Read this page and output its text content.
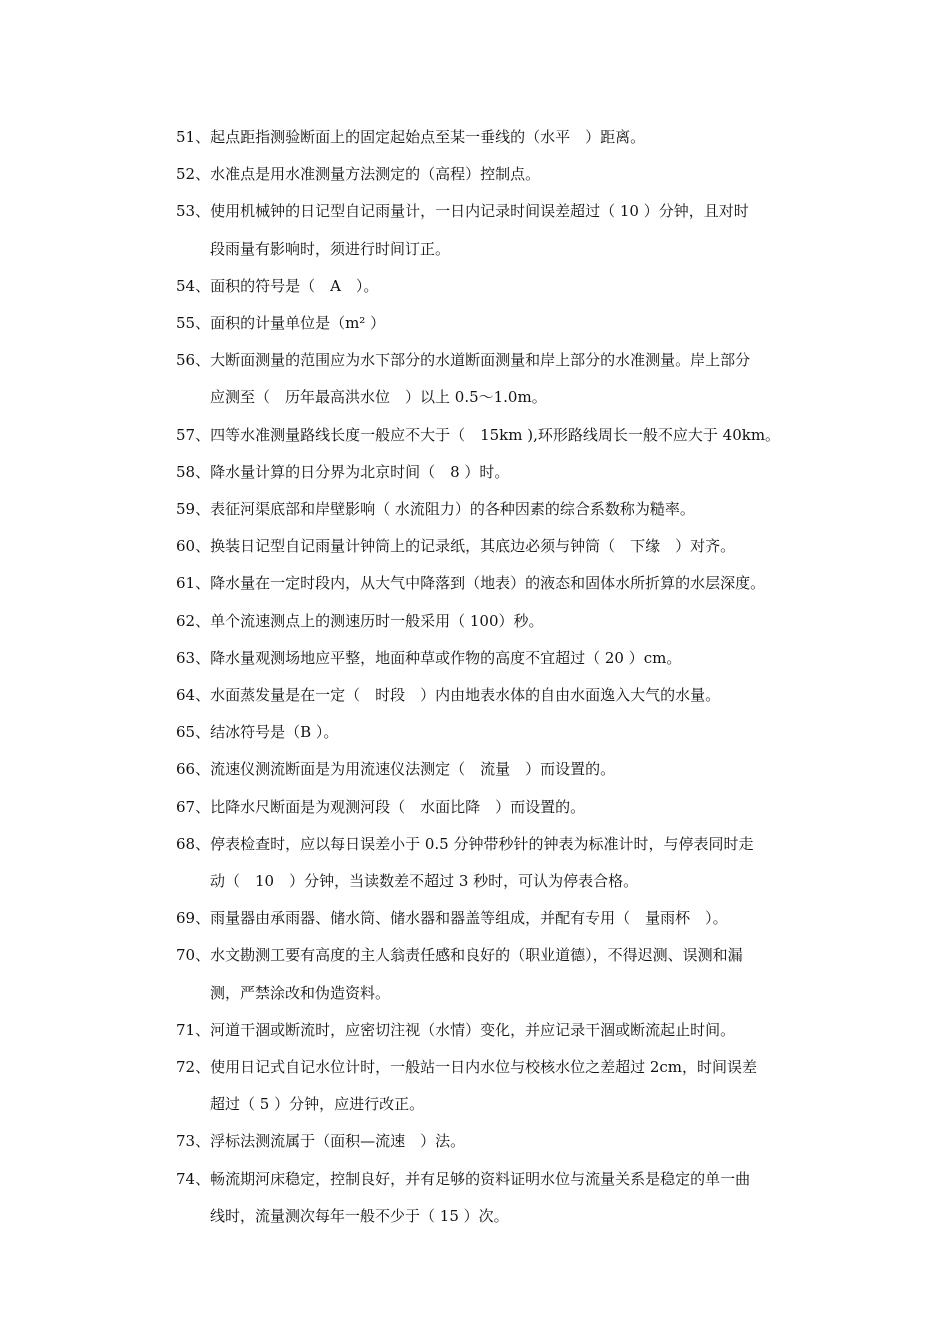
51、起点距指测验断面上的固定起始点至某一垂线的（水平　）距离。
52、水准点是用水准测量方法测定的（高程）控制点。
53、使用机械钟的日记型自记雨量计，一日内记录时间误差超过（ 10 ）分钟，且对时
段雨量有影响时，须进行时间订正。
54、面积的符号是（　A　）。
55、面积的计量单位是（m² ）
56、大断面测量的范围应为水下部分的水道断面测量和岸上部分的水准测量。岸上部分
应测至（　历年最高洪水位　）以上 0.5～1.0m。
57、四等水准测量路线长度一般应不大于（　15km ),环形路线周长一般不应大于 40km。
58、降水量计算的日分界为北京时间（　8 ）时。
59、表征河渠底部和岸壁影响（ 水流阻力）的各种因素的综合系数称为糙率。
60、换装日记型自记雨量计钟筒上的记录纸，其底边必须与钟筒（　下缘　）对齐。
61、降水量在一定时段内，从大气中降落到（地表）的液态和固体水所折算的水层深度。
62、单个流速测点上的测速历时一般采用（ 100）秒。
63、降水量观测场地应平整，地面种草或作物的高度不宜超过（ 20 ）cm。
64、水面蒸发量是在一定（　时段　）内由地表水体的自由水面逸入大气的水量。
65、结冰符号是（B ）。
66、流速仪测流断面是为用流速仪法测定（　流量　）而设置的。
67、比降水尺断面是为观测河段（　水面比降　）而设置的。
68、停表检查时，应以每日误差小于 0.5 分钟带秒针的钟表为标准计时，与停表同时走
动（　10　）分钟，当读数差不超过 3 秒时，可认为停表合格。
69、雨量器由承雨器、储水筒、储水器和器盖等组成，并配有专用（　量雨杯　）。
70、水文勘测工要有高度的主人翁责任感和良好的（职业道德），不得迟测、误测和漏
测，严禁涂改和伪造资料。
71、河道干涸或断流时，应密切注视（水情）变化，并应记录干涸或断流起止时间。
72、使用日记式自记水位计时，一般站一日内水位与校核水位之差超过 2cm，时间误差
超过（ 5 ）分钟，应进行改正。
73、浮标法测流属于（面积—流速　）法。
74、畅流期河床稳定，控制良好，并有足够的资料证明水位与流量关系是稳定的单一曲
线时，流量测次每年一般不少于（ 15 ）次。
